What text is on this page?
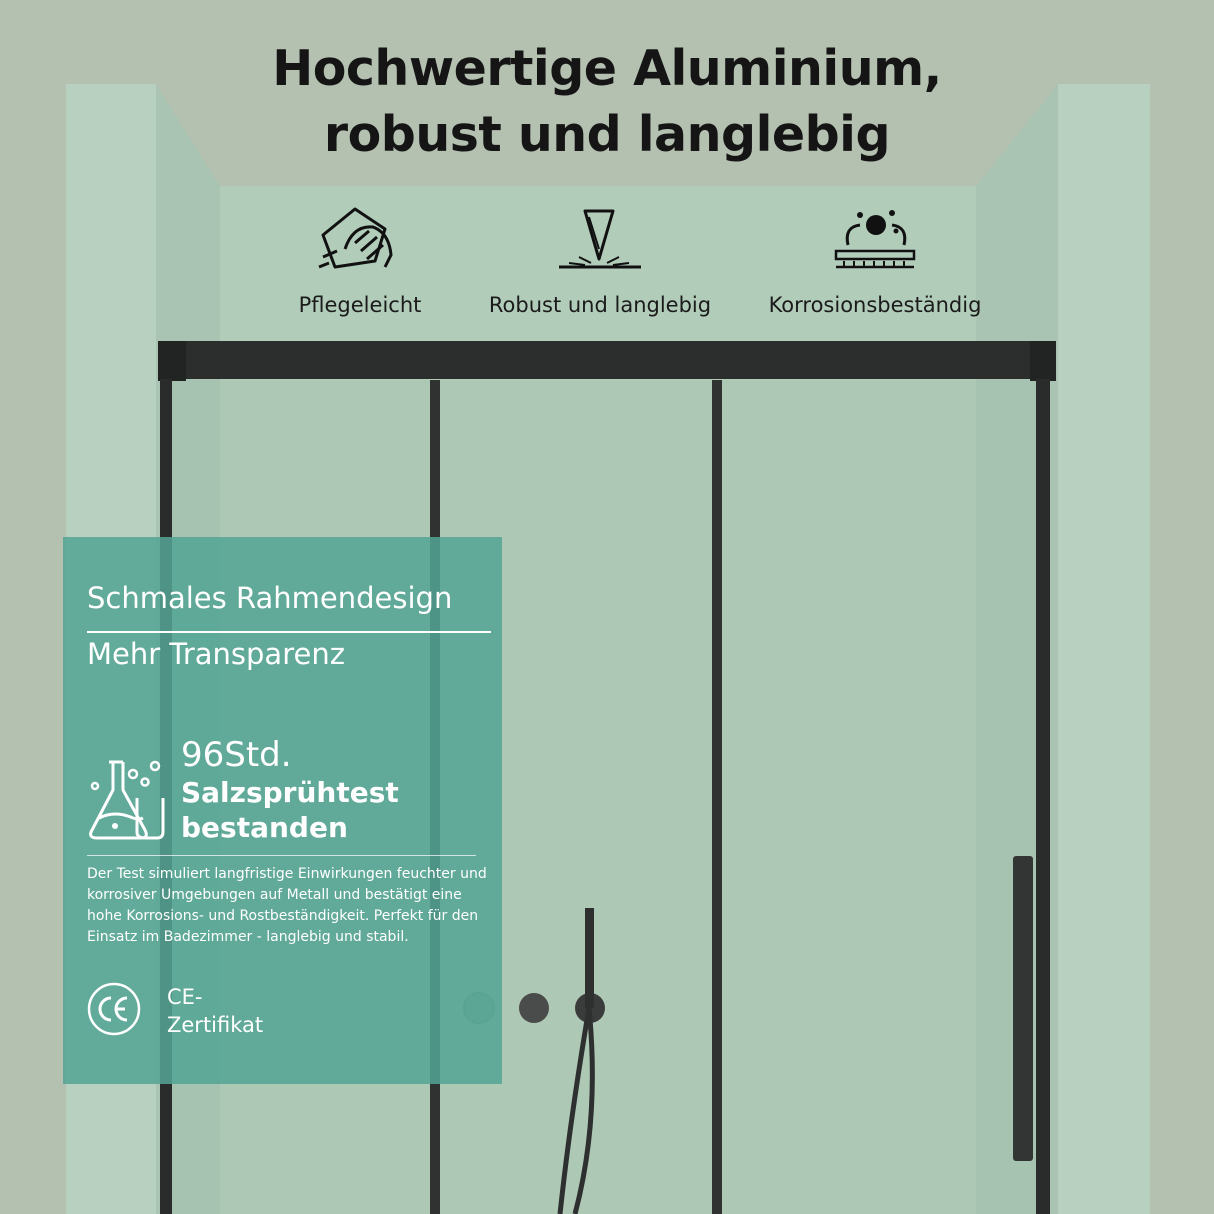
Hochwertige Aluminium,
robust und langlebig
Pflegeleicht	Robust und langlebig	Korrosionsbeständig
Schmales Rahmendesign
Mehr Transparenz
96Std.
Salzsprühtest
bestanden
Der Test simuliert langfristige Einwirkungen feuchter und korrosiver Umgebungen auf Metall und bestätigt eine hohe Korrosions- und Rostbeständigkeit. Perfekt für den Einsatz im Badezimmer - langlebig und stabil.
CE-
Zertifikat
